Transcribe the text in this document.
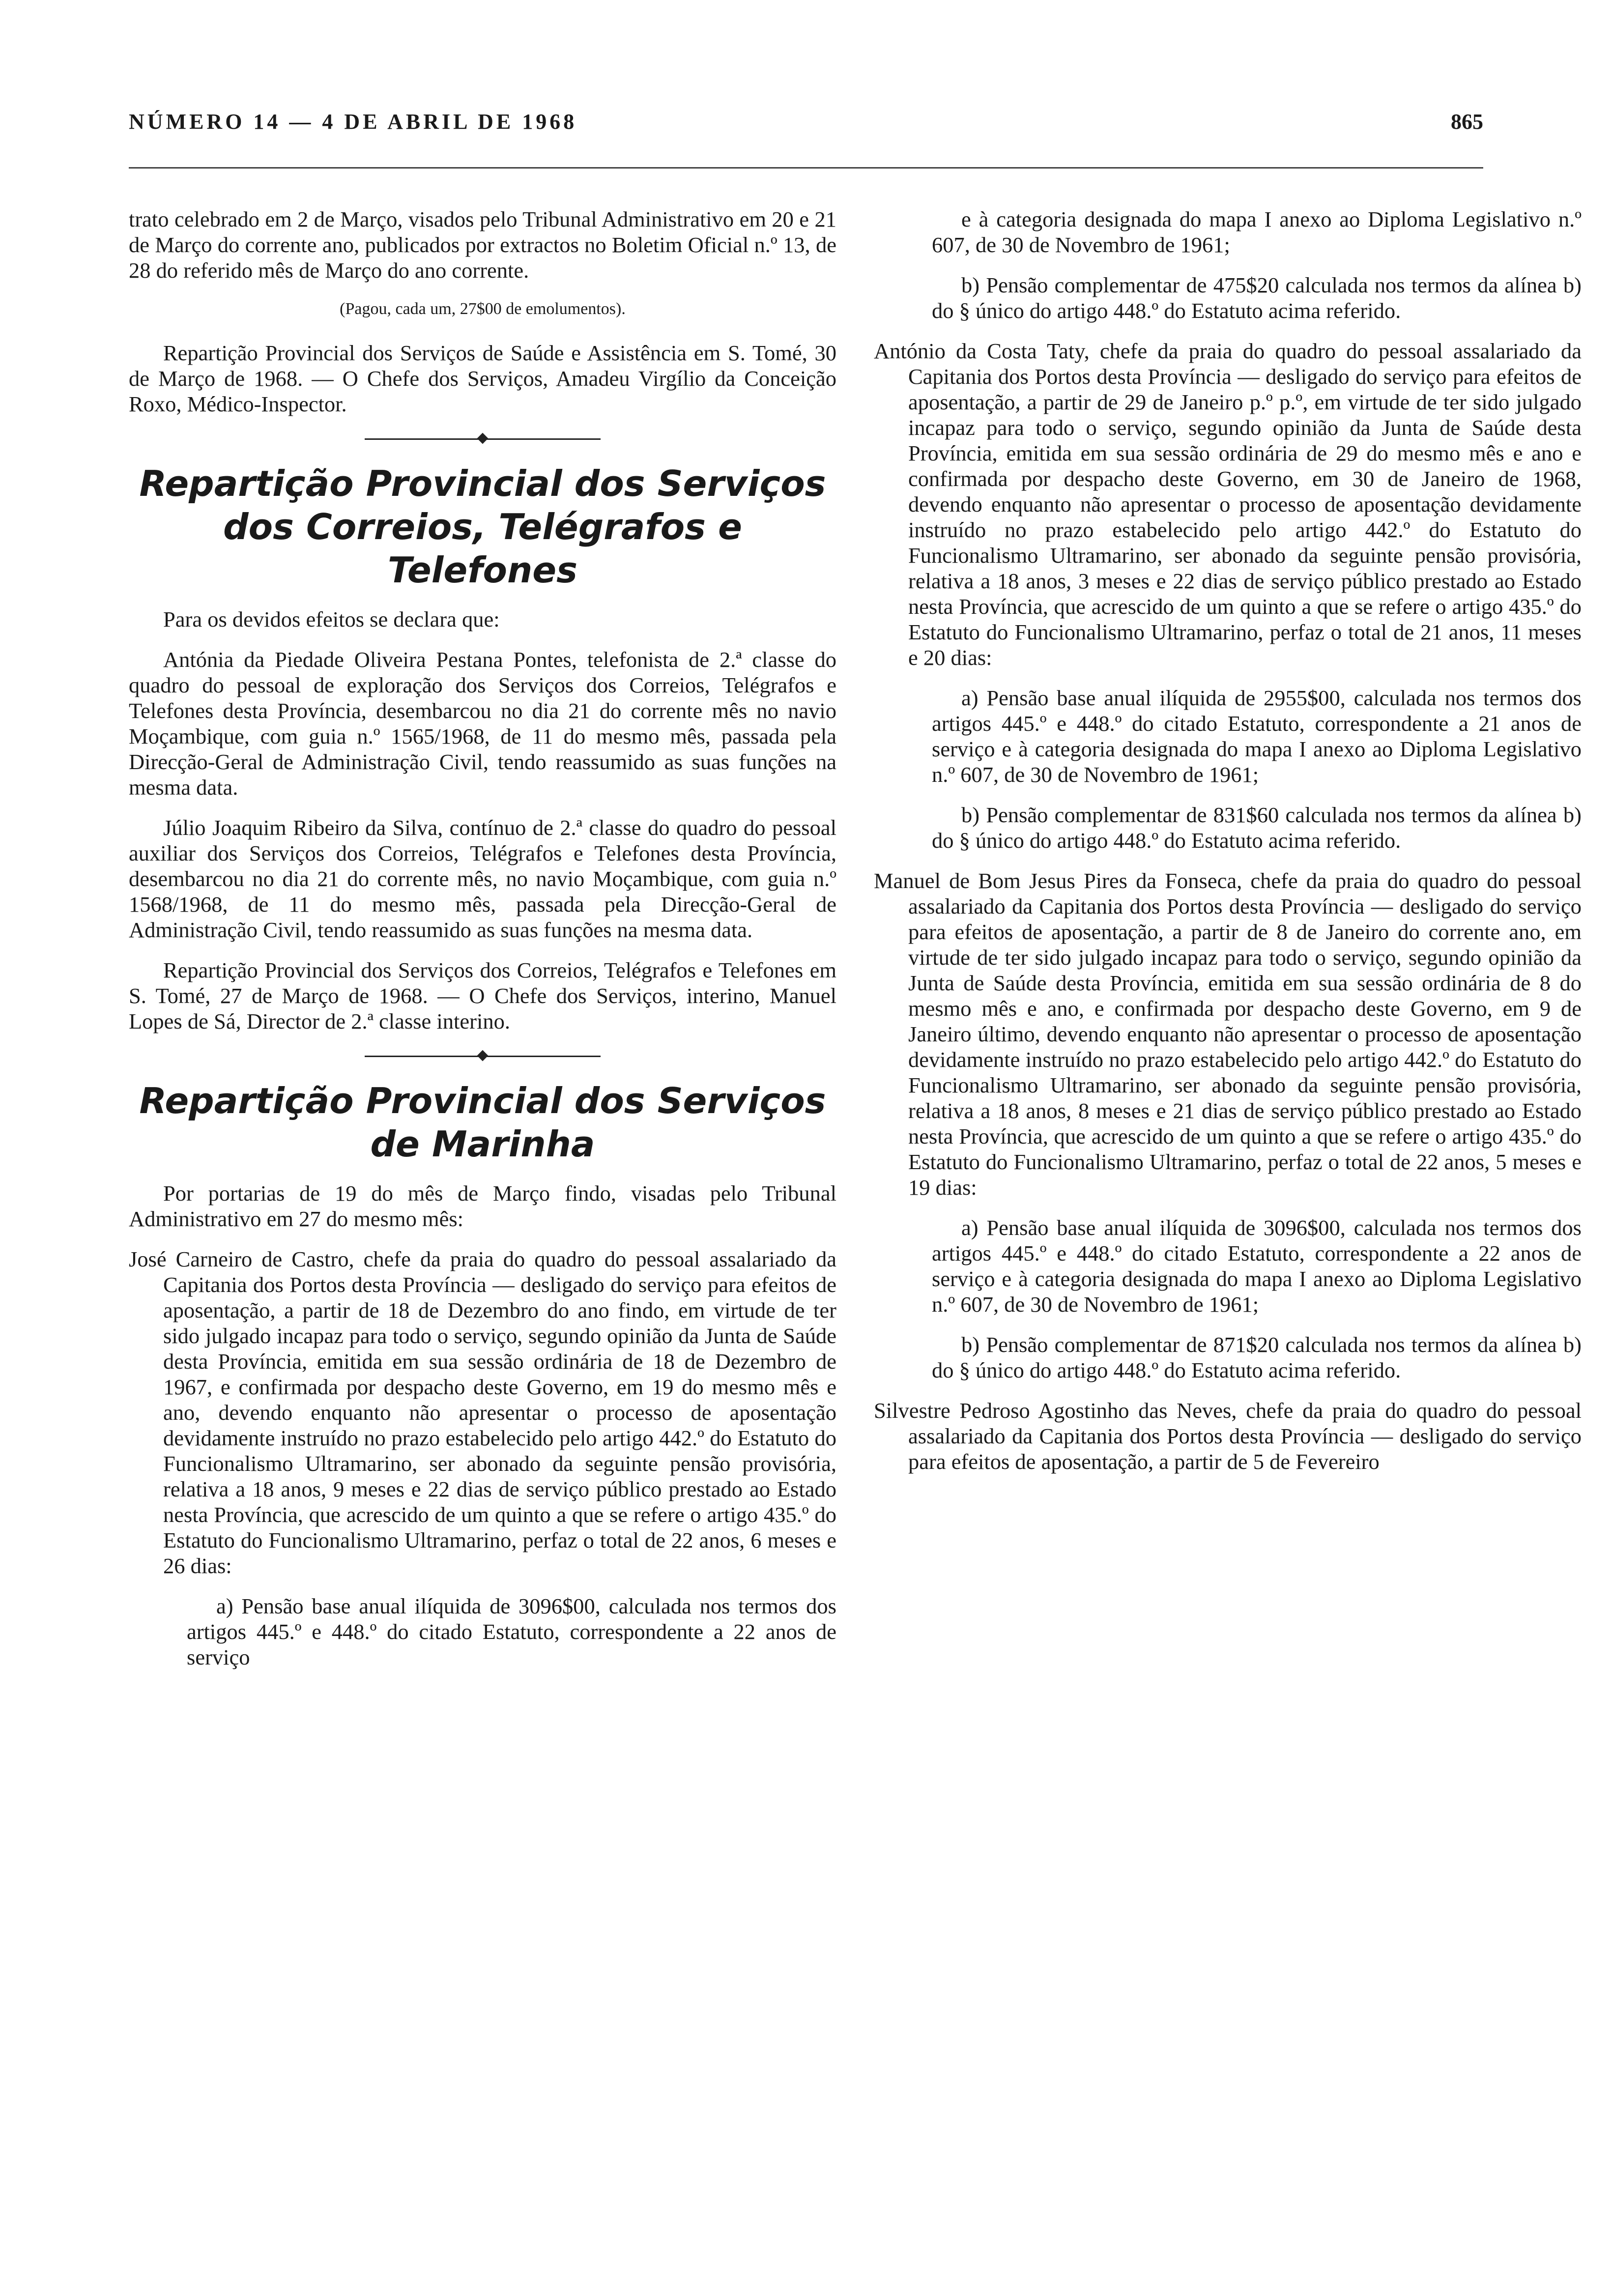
NÚMERO 14 — 4 DE ABRIL DE 1968	865

trato celebrado em 2 de Março, visados pelo Tribunal Administrativo em 20 e 21 de Março do corrente ano, publicados por extractos no Boletim Oficial n.º 13, de 28 do referido mês de Março do ano corrente.

(Pagou, cada um, 27$00 de emolumentos).

Repartição Provincial dos Serviços de Saúde e Assistência em S. Tomé, 30 de Março de 1968. — O Chefe dos Serviços, Amadeu Virgílio da Conceição Roxo, Médico-Inspector.

Repartição Provincial dos Serviços
dos Correios, Telégrafos e Telefones

Para os devidos efeitos se declara que:

Antónia da Piedade Oliveira Pestana Pontes, telefonista de 2.ª classe do quadro do pessoal de exploração dos Serviços dos Correios, Telégrafos e Telefones desta Província, desembarcou no dia 21 do corrente mês no navio Moçambique, com guia n.º 1565/1968, de 11 do mesmo mês, passada pela Direcção-Geral de Administração Civil, tendo reassumido as suas funções na mesma data.

Júlio Joaquim Ribeiro da Silva, contínuo de 2.ª classe do quadro do pessoal auxiliar dos Serviços dos Correios, Telégrafos e Telefones desta Província, desembarcou no dia 21 do corrente mês, no navio Moçambique, com guia n.º 1568/1968, de 11 do mesmo mês, passada pela Direcção-Geral de Administração Civil, tendo reassumido as suas funções na mesma data.

Repartição Provincial dos Serviços dos Correios, Telégrafos e Telefones em S. Tomé, 27 de Março de 1968. — O Chefe dos Serviços, interino, Manuel Lopes de Sá, Director de 2.ª classe interino.

Repartição Provincial dos Serviços
de Marinha

Por portarias de 19 do mês de Março findo, visadas pelo Tribunal Administrativo em 27 do mesmo mês:

José Carneiro de Castro, chefe da praia do quadro do pessoal assalariado da Capitania dos Portos desta Província — desligado do serviço para efeitos de aposentação, a partir de 18 de Dezembro do ano findo, em virtude de ter sido julgado incapaz para todo o serviço, segundo opinião da Junta de Saúde desta Província, emitida em sua sessão ordinária de 18 de Dezembro de 1967, e confirmada por despacho deste Governo, em 19 do mesmo mês e ano, devendo enquanto não apresentar o processo de aposentação devidamente instruído no prazo estabelecido pelo artigo 442.º do Estatuto do Funcionalismo Ultramarino, ser abonado da seguinte pensão provisória, relativa a 18 anos, 9 meses e 22 dias de serviço público prestado ao Estado nesta Província, que acrescido de um quinto a que se refere o artigo 435.º do Estatuto do Funcionalismo Ultramarino, perfaz o total de 22 anos, 6 meses e 26 dias:

a) Pensão base anual ilíquida de 3096$00, calculada nos termos dos artigos 445.º e 448.º do citado Estatuto, correspondente a 22 anos de serviço

e à categoria designada do mapa I anexo ao Diploma Legislativo n.º 607, de 30 de Novembro de 1961;

b) Pensão complementar de 475$20 calculada nos termos da alínea b) do § único do artigo 448.º do Estatuto acima referido.

António da Costa Taty, chefe da praia do quadro do pessoal assalariado da Capitania dos Portos desta Província — desligado do serviço para efeitos de aposentação, a partir de 29 de Janeiro p.º p.º, em virtude de ter sido julgado incapaz para todo o serviço, segundo opinião da Junta de Saúde desta Província, emitida em sua sessão ordinária de 29 do mesmo mês e ano e confirmada por despacho deste Governo, em 30 de Janeiro de 1968, devendo enquanto não apresentar o processo de aposentação devidamente instruído no prazo estabelecido pelo artigo 442.º do Estatuto do Funcionalismo Ultramarino, ser abonado da seguinte pensão provisória, relativa a 18 anos, 3 meses e 22 dias de serviço público prestado ao Estado nesta Província, que acrescido de um quinto a que se refere o artigo 435.º do Estatuto do Funcionalismo Ultramarino, perfaz o total de 21 anos, 11 meses e 20 dias:

a) Pensão base anual ilíquida de 2955$00, calculada nos termos dos artigos 445.º e 448.º do citado Estatuto, correspondente a 21 anos de serviço e à categoria designada do mapa I anexo ao Diploma Legislativo n.º 607, de 30 de Novembro de 1961;

b) Pensão complementar de 831$60 calculada nos termos da alínea b) do § único do artigo 448.º do Estatuto acima referido.

Manuel de Bom Jesus Pires da Fonseca, chefe da praia do quadro do pessoal assalariado da Capitania dos Portos desta Província — desligado do serviço para efeitos de aposentação, a partir de 8 de Janeiro do corrente ano, em virtude de ter sido julgado incapaz para todo o serviço, segundo opinião da Junta de Saúde desta Província, emitida em sua sessão ordinária de 8 do mesmo mês e ano, e confirmada por despacho deste Governo, em 9 de Janeiro último, devendo enquanto não apresentar o processo de aposentação devidamente instruído no prazo estabelecido pelo artigo 442.º do Estatuto do Funcionalismo Ultramarino, ser abonado da seguinte pensão provisória, relativa a 18 anos, 8 meses e 21 dias de serviço público prestado ao Estado nesta Província, que acrescido de um quinto a que se refere o artigo 435.º do Estatuto do Funcionalismo Ultramarino, perfaz o total de 22 anos, 5 meses e 19 dias:

a) Pensão base anual ilíquida de 3096$00, calculada nos termos dos artigos 445.º e 448.º do citado Estatuto, correspondente a 22 anos de serviço e à categoria designada do mapa I anexo ao Diploma Legislativo n.º 607, de 30 de Novembro de 1961;

b) Pensão complementar de 871$20 calculada nos termos da alínea b) do § único do artigo 448.º do Estatuto acima referido.

Silvestre Pedroso Agostinho das Neves, chefe da praia do quadro do pessoal assalariado da Capitania dos Portos desta Província — desligado do serviço para efeitos de aposentação, a partir de 5 de Fevereiro
